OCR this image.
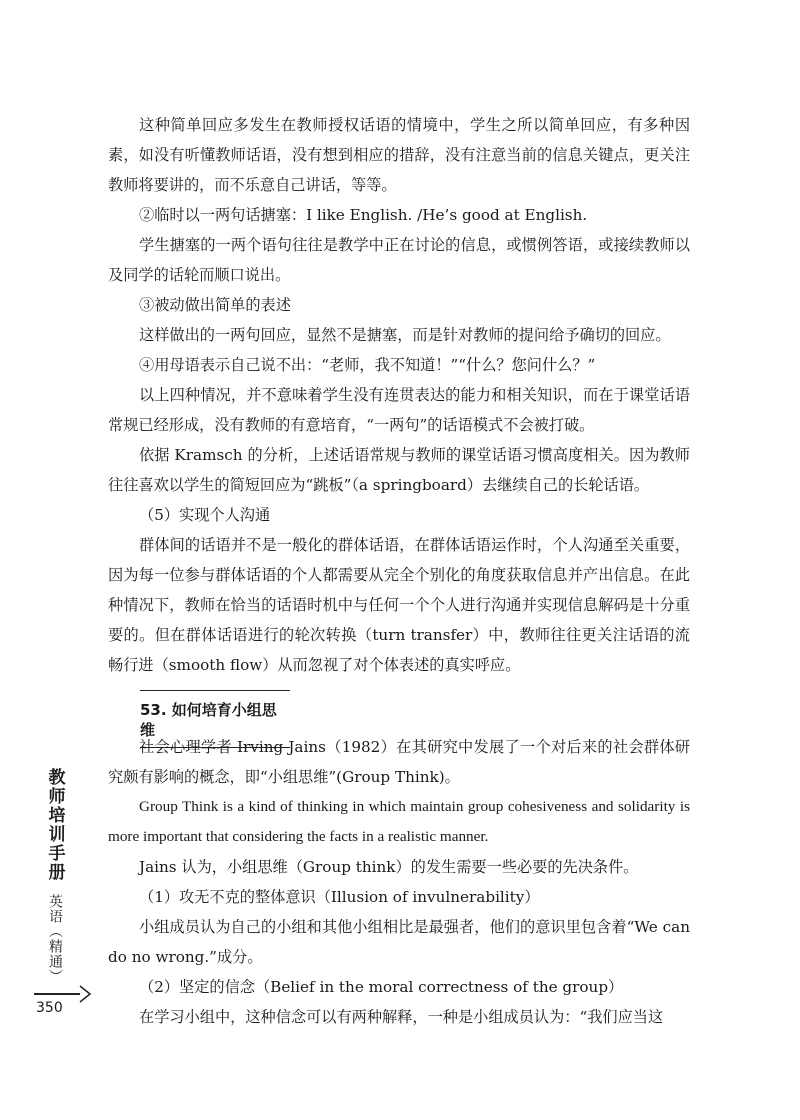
这种简单回应多发生在教师授权话语的情境中，学生之所以简单回应，有多种因素，如没有听懂教师话语，没有想到相应的措辞，没有注意当前的信息关键点，更关注教师将要讲的，而不乐意自己讲话，等等。

②临时以一两句话搪塞：I like English. /He’s good at English.

学生搪塞的一两个语句往往是教学中正在讨论的信息，或惯例答语，或接续教师以及同学的话轮而顺口说出。

③被动做出简单的表述

这样做出的一两句回应，显然不是搪塞，而是针对教师的提问给予确切的回应。

④用母语表示自己说不出：“老师，我不知道！”“什么？您问什么？”

以上四种情况，并不意味着学生没有连贯表达的能力和相关知识，而在于课堂话语常规已经形成，没有教师的有意培育，“一两句”的话语模式不会被打破。

依据 Kramsch 的分析，上述话语常规与教师的课堂话语习惯高度相关。因为教师往往喜欢以学生的简短回应为“跳板”（a springboard）去继续自己的长轮话语。

（5）实现个人沟通

群体间的话语并不是一般化的群体话语，在群体话语运作时，个人沟通至关重要，因为每一位参与群体话语的个人都需要从完全个别化的角度获取信息并产出信息。在此种情况下，教师在恰当的话语时机中与任何一个个人进行沟通并实现信息解码是十分重要的。但在群体话语进行的轮次转换（turn transfer）中，教师往往更关注话语的流畅行进（smooth flow）从而忽视了对个体表述的真实呼应。

53. 如何培育小组思维

社会心理学者 Irving Jains（1982）在其研究中发展了一个对后来的社会群体研究颇有影响的概念，即“小组思维”(Group Think)。

Group Think is a kind of thinking in which maintain group cohesiveness and solidarity is more important that considering the facts in a realistic manner.

Jains 认为，小组思维（Group think）的发生需要一些必要的先决条件。

（1）攻无不克的整体意识（Illusion of invulnerability）

小组成员认为自己的小组和其他小组相比是最强者，他们的意识里包含着“We can do no wrong.”成分。

（2）坚定的信念（Belief in the moral correctness of the group）

在学习小组中，这种信念可以有两种解释，一种是小组成员认为：“我们应当这

教师培训手册
英语（精通）
350
